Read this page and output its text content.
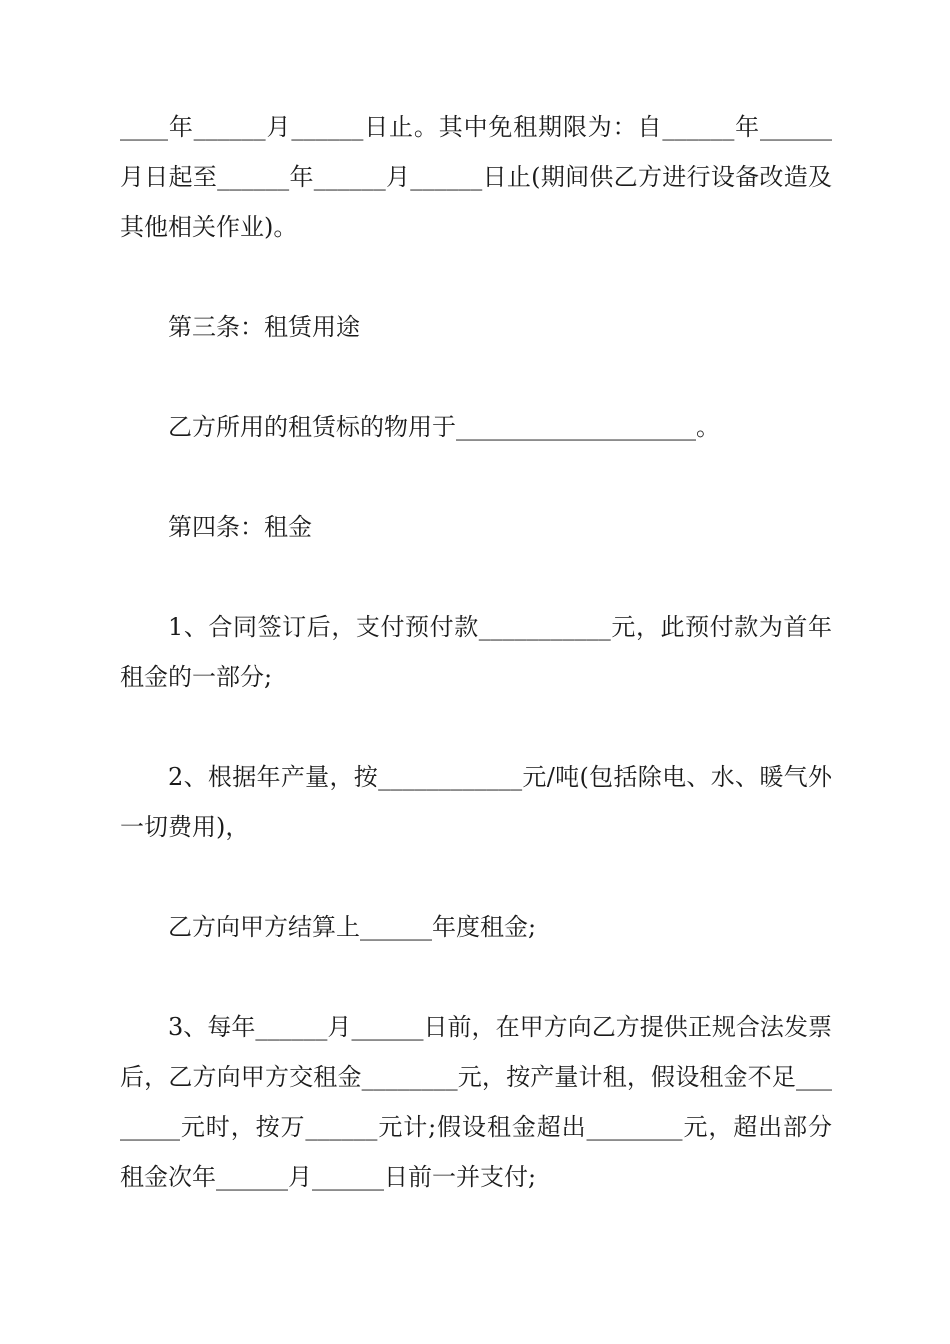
____年______月______日止。其中免租期限为：自______年______
月日起至______年______月______日止(期间供乙方进行设备改造及
其他相关作业)。
第三条：租赁用途
乙方所用的租赁标的物用于____________________。
第四条：租金
1、合同签订后，支付预付款___________元，此预付款为首年
租金的一部分;
2、根据年产量，按____________元/吨(包括除电、水、暖气外
一切费用)，
乙方向甲方结算上______年度租金;
3、每年______月______日前，在甲方向乙方提供正规合法发票
后，乙方向甲方交租金________元，按产量计租，假设租金不足___
_____元时，按万______元计;假设租金超出________元，超出部分
租金次年______月______日前一并支付;
